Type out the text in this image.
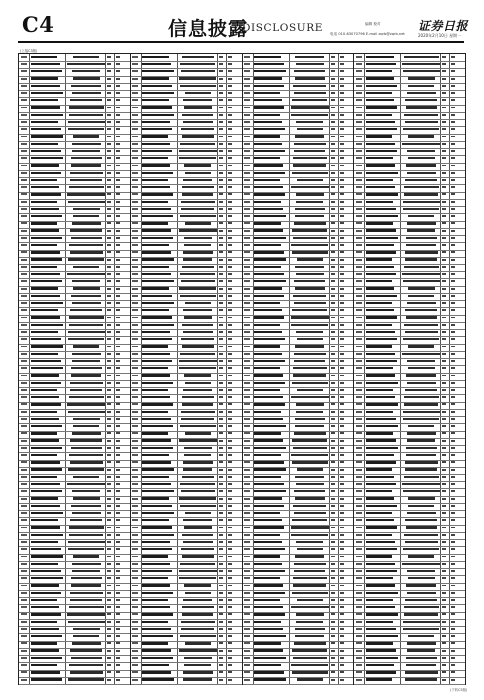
C4	信息披露
DISCLOSURE	编辑 校对
电话 010-63070796 E-mail zqrb@zqrb.net
证券日报
2020年2月10日 星期一
(上接C3版)
(下转C5版)
